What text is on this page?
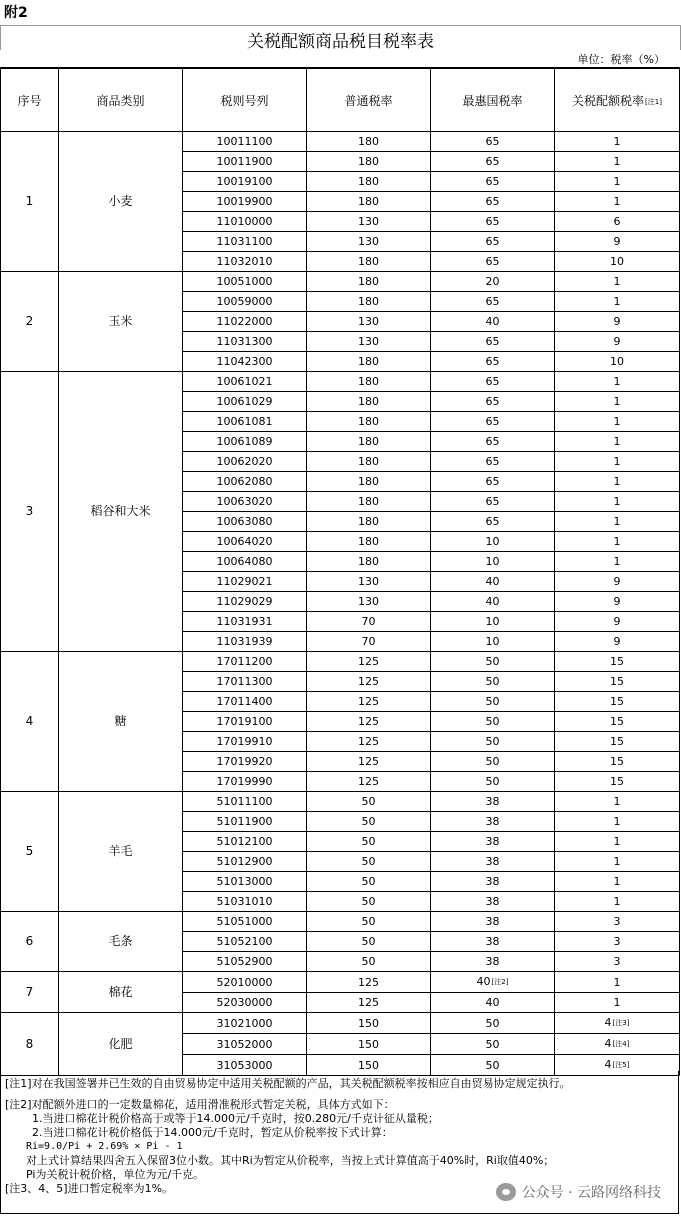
附2
关税配额商品税目税率表
单位：税率（%）
序号	商品类别	税则号列	普通税率	最惠国税率	关税配额税率[注1]
1	小麦	10011100	180	65	1
		10011900	180	65	1
		10019100	180	65	1
		10019900	180	65	1
		11010000	130	65	6
		11031100	130	65	9
		11032010	180	65	10
2	玉米	10051000	180	20	1
		10059000	180	65	1
		11022000	130	40	9
		11031300	130	65	9
		11042300	180	65	10
3	稻谷和大米	10061021	180	65	1
		10061029	180	65	1
		10061081	180	65	1
		10061089	180	65	1
		10062020	180	65	1
		10062080	180	65	1
		10063020	180	65	1
		10063080	180	65	1
		10064020	180	10	1
		10064080	180	10	1
		11029021	130	40	9
		11029029	130	40	9
		11031931	70	10	9
		11031939	70	10	9
4	糖	17011200	125	50	15
		17011300	125	50	15
		17011400	125	50	15
		17019100	125	50	15
		17019910	125	50	15
		17019920	125	50	15
		17019990	125	50	15
5	羊毛	51011100	50	38	1
		51011900	50	38	1
		51012100	50	38	1
		51012900	50	38	1
		51013000	50	38	1
		51031010	50	38	1
6	毛条	51051000	50	38	3
		51052100	50	38	3
		51052900	50	38	3
7	棉花	52010000	125	40[注2]	1
		52030000	125	40	1
8	化肥	31021000	150	50	4[注3]
		31052000	150	50	4[注4]
		31053000	150	50	4[注5]

[注1]对在我国签署并已生效的自由贸易协定中适用关税配额的产品，其关税配额税率按相应自由贸易协定规定执行。

[注2]对配额外进口的一定数量棉花，适用滑准税形式暂定关税，具体方式如下：

1.当进口棉花计税价格高于或等于14.000元/千克时，按0.280元/千克计征从量税；

2.当进口棉花计税价格低于14.000元/千克时，暂定从价税率按下式计算：

Ri=9.0/Pi + 2.69% × Pi - 1

对上式计算结果四舍五入保留3位小数。其中Ri为暂定从价税率，当按上式计算值高于40%时，Ri取值40%；

Pi为关税计税价格，单位为元/千克。

[注3、4、5]进口暂定税率为1%。	公众号 · 云路网络科技
